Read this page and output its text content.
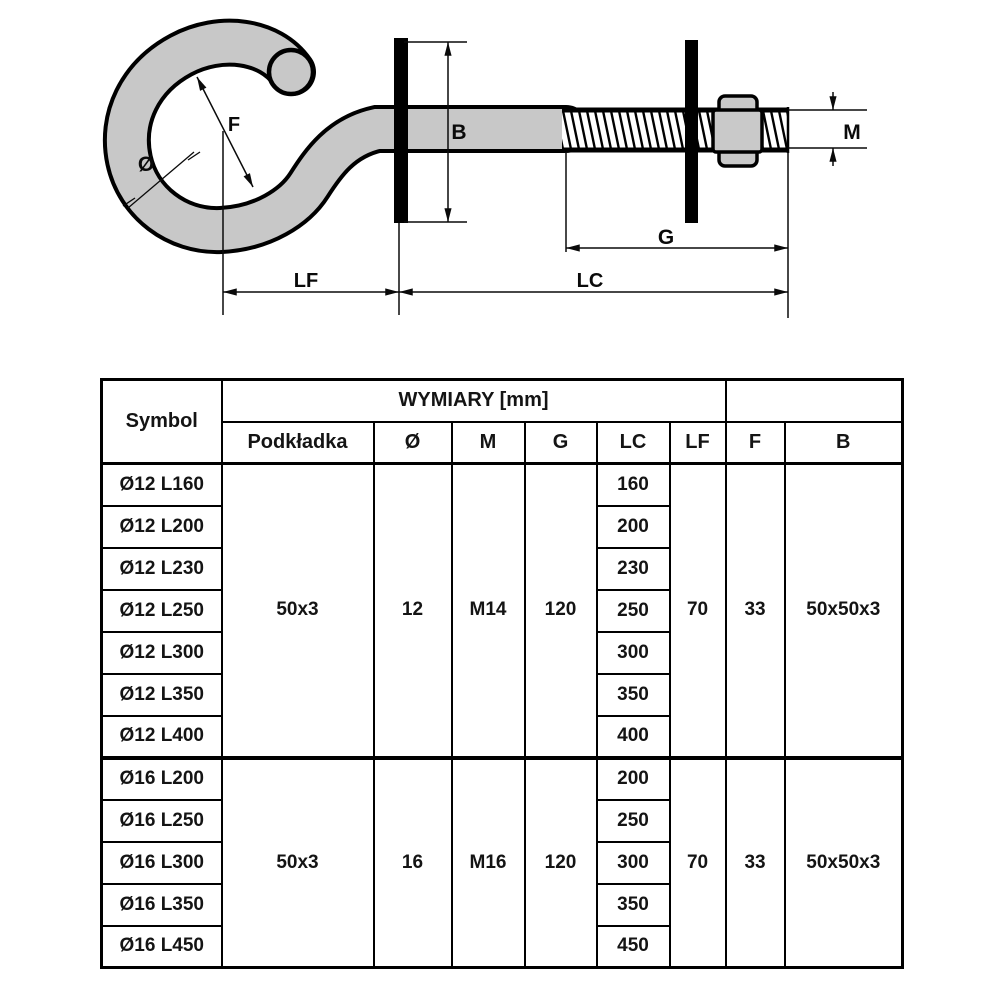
F
Ø
B	M
G
LF	LC
Symbol	WYMIARY [mm]							
	Podkładka	Ø	M	G	LC	LF	F	B
Ø12 L160	50x3	12	M14	120	160	70	33	50x50x3
Ø12 L200					200			
Ø12 L230					230			
Ø12 L250					250			
Ø12 L300					300			
Ø12 L350					350			
Ø12 L400					400			
Ø16 L200	50x3	16	M16	120	200	70	33	50x50x3
Ø16 L250					250			
Ø16 L300					300			
Ø16 L350					350			
Ø16 L450					450			
